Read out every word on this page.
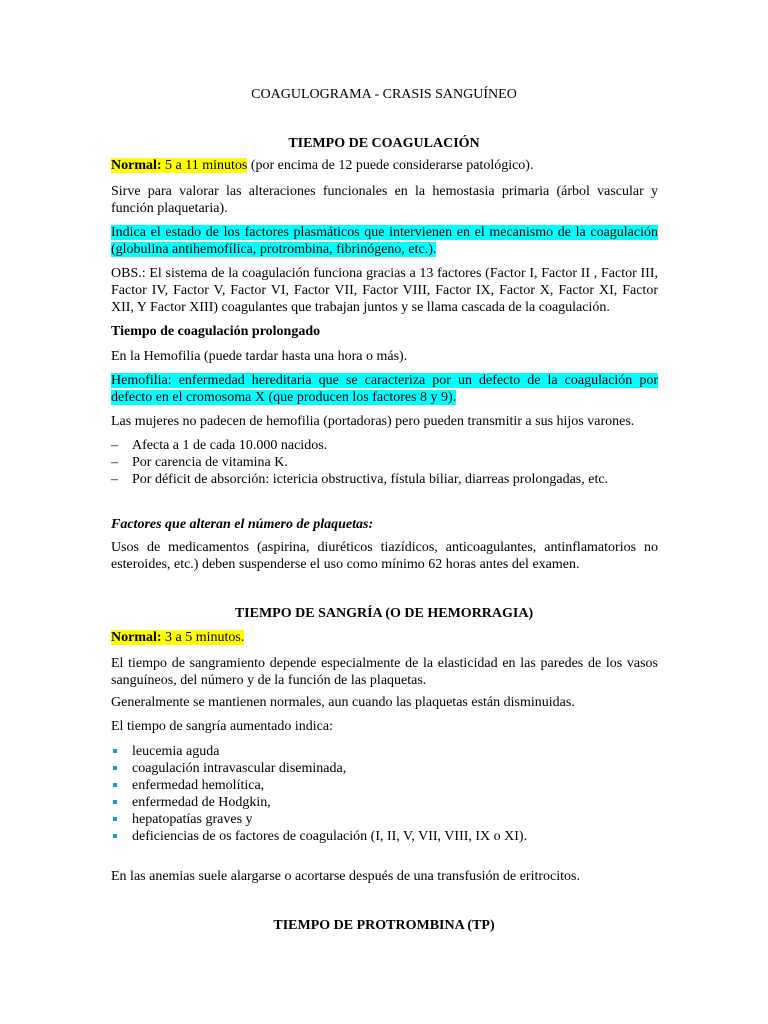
COAGULOGRAMA - CRASIS SANGUÍNEO
TIEMPO DE COAGULACIÓN
Normal: 5 a 11 minutos (por encima de 12 puede considerarse patológico).
Sirve para valorar las alteraciones funcionales en la hemostasia primaria (árbol vascular y función plaquetaria).
Indica el estado de los factores plasmáticos que intervienen en el mecanismo de la coagulación (globulina antihemofílica, protrombina, fibrinógeno, etc.).
OBS.: El sistema de la coagulación funciona gracias a 13 factores (Factor I, Factor II , Factor III, Factor IV, Factor V, Factor VI, Factor VII, Factor VIII, Factor IX, Factor X, Factor XI, Factor XII, Y Factor XIII) coagulantes que trabajan juntos y se llama cascada de la coagulación.
Tiempo de coagulación prolongado
En la Hemofilia (puede tardar hasta una hora o más).
Hemofilia: enfermedad hereditaria que se caracteriza por un defecto de la coagulación por defecto en el cromosoma X (que producen los factores 8 y 9).
Las mujeres no padecen de hemofilia (portadoras) pero pueden transmitir a sus hijos varones.
– Afecta a 1 de cada 10.000 nacidos.
– Por carencia de vitamina K.
– Por déficit de absorción: ictericia obstructiva, fístula biliar, diarreas prolongadas, etc.
Factores que alteran el número de plaquetas:
Usos de medicamentos (aspirina, diuréticos tiazídicos, anticoagulantes, antinflamatorios no esteroides, etc.) deben suspenderse el uso como mínimo 62 horas antes del examen.
TIEMPO DE SANGRÍA (O DE HEMORRAGIA)
Normal: 3 a 5 minutos.
El tiempo de sangramiento depende especialmente de la elasticidad en las paredes de los vasos sanguíneos, del número y de la función de las plaquetas.
Generalmente se mantienen normales, aun cuando las plaquetas están disminuidas.
El tiempo de sangría aumentado indica:
leucemia aguda
coagulación intravascular diseminada,
enfermedad hemolítica,
enfermedad de Hodgkin,
hepatopatías graves y
deficiencias de os factores de coagulación (I, II, V, VII, VIII, IX o XI).
En las anemias suele alargarse o acortarse después de una transfusión de eritrocitos.
TIEMPO DE PROTROMBINA (TP)
